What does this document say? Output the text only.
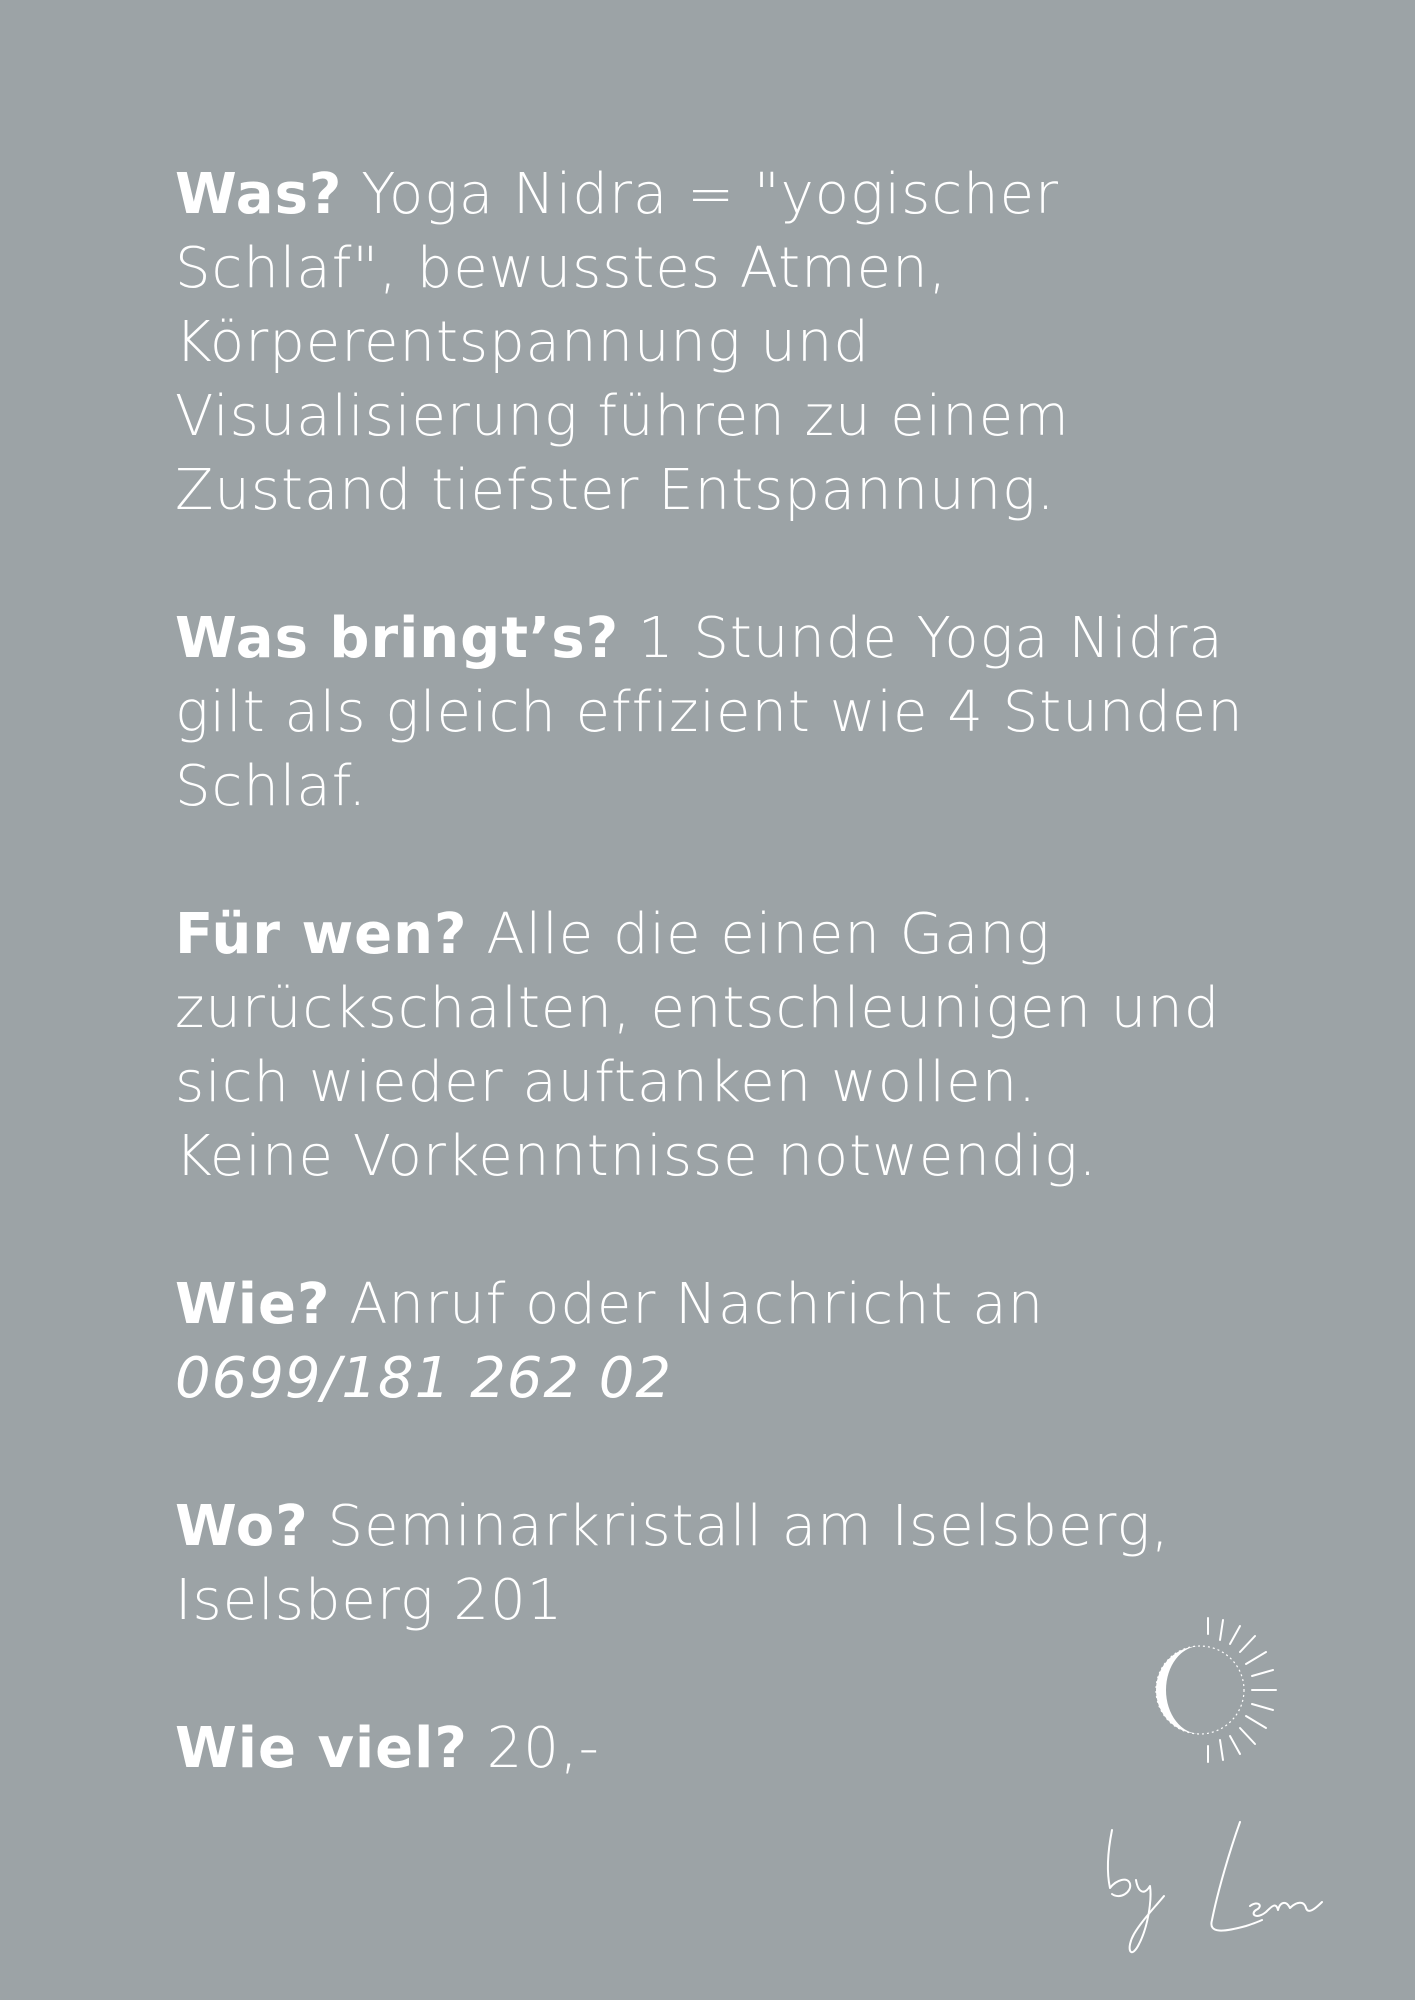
Was? Yoga Nidra = "yogischer
Schlaf", bewusstes Atmen,
Körperentspannung und
Visualisierung führen zu einem
Zustand tiefster Entspannung.
Was bringt’s? 1 Stunde Yoga Nidra
gilt als gleich effizient wie 4 Stunden
Schlaf.
Für wen? Alle die einen Gang
zurückschalten, entschleunigen und
sich wieder auftanken wollen.
Keine Vorkenntnisse notwendig.
Wie? Anruf oder Nachricht an
0699/181 262 02
Wo? Seminarkristall am Iselsberg,
Iselsberg 201
Wie viel? 20,-
by Lena
